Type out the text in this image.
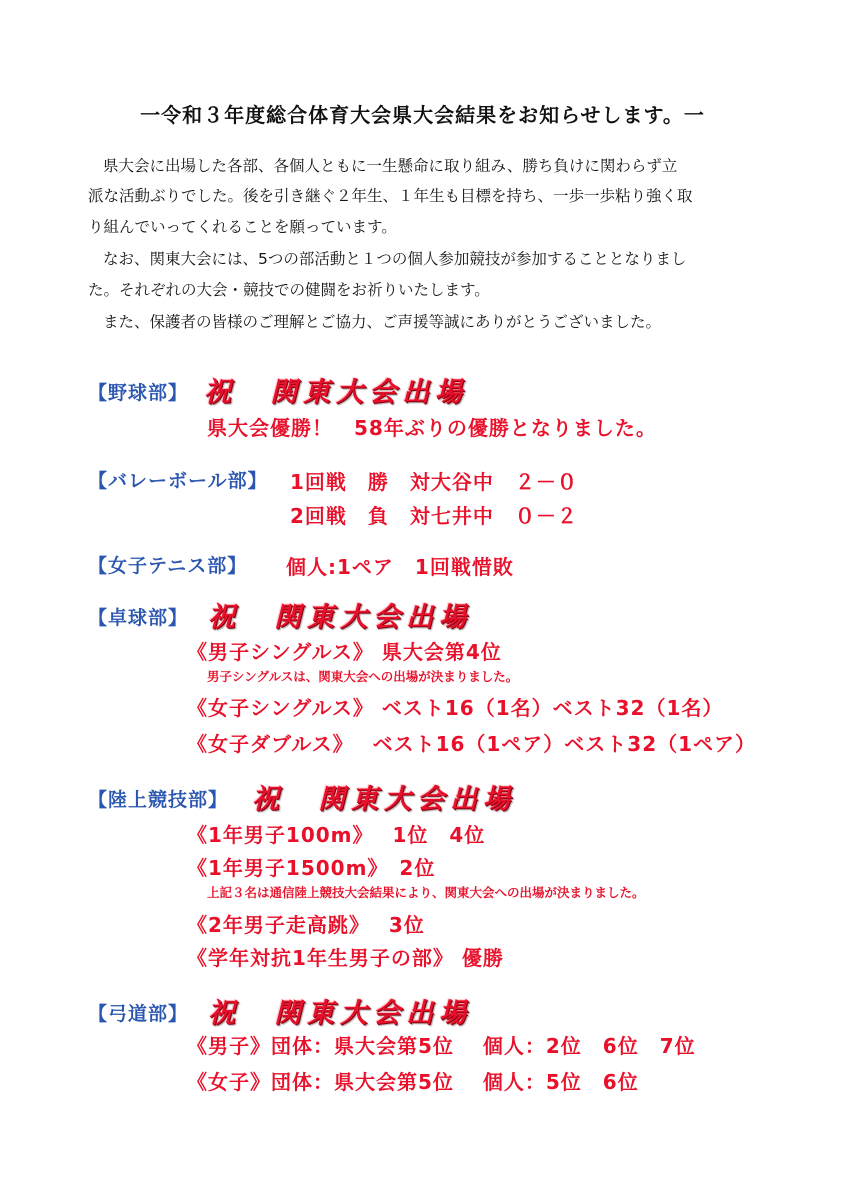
一令和３年度総合体育大会県大会結果をお知らせします。一

県大会に出場した各部、各個人ともに一生懸命に取り組み、勝ち負けに関わらず立

派な活動ぶりでした。後を引き継ぐ２年生、１年生も目標を持ち、一歩一歩粘り強く取

り組んでいってくれることを願っています。

なお、関東大会には、5つの部活動と１つの個人参加競技が参加することとなりまし

た。それぞれの大会・競技での健闘をお祈りいたします。

また、保護者の皆様のご理解とご協力、ご声援等誠にありがとうございました。

【野球部】 祝　関東大会出場
県大会優勝！　58年ぶりの優勝となりました。
【バレーボール部】 1回戦　勝　対大谷中　２－０
2回戦　負　対七井中　０－２
【女子テニス部】 個人:1ペア　1回戦惜敗
【卓球部】 祝　関東大会出場
《男子シングルス》 県大会第4位
男子シングルスは、関東大会への出場が決まりました。
《女子シングルス》 ベスト16（1名）ベスト32（1名）
《女子ダブルス》　 ベスト16（1ペア）ベスト32（1ペア）
【陸上競技部】 祝　関東大会出場
《1年男子100m》　 1位　4位
《1年男子1500m》　2位
上記３名は通信陸上競技大会結果により、関東大会への出場が決まりました。
《2年男子走高跳》　 3位
《学年対抗1年生男子の部》 優勝
【弓道部】 祝　関東大会出場
《男子》団体：県大会第5位　 個人：2位　6位　7位
《女子》団体：県大会第5位　 個人：5位　6位
